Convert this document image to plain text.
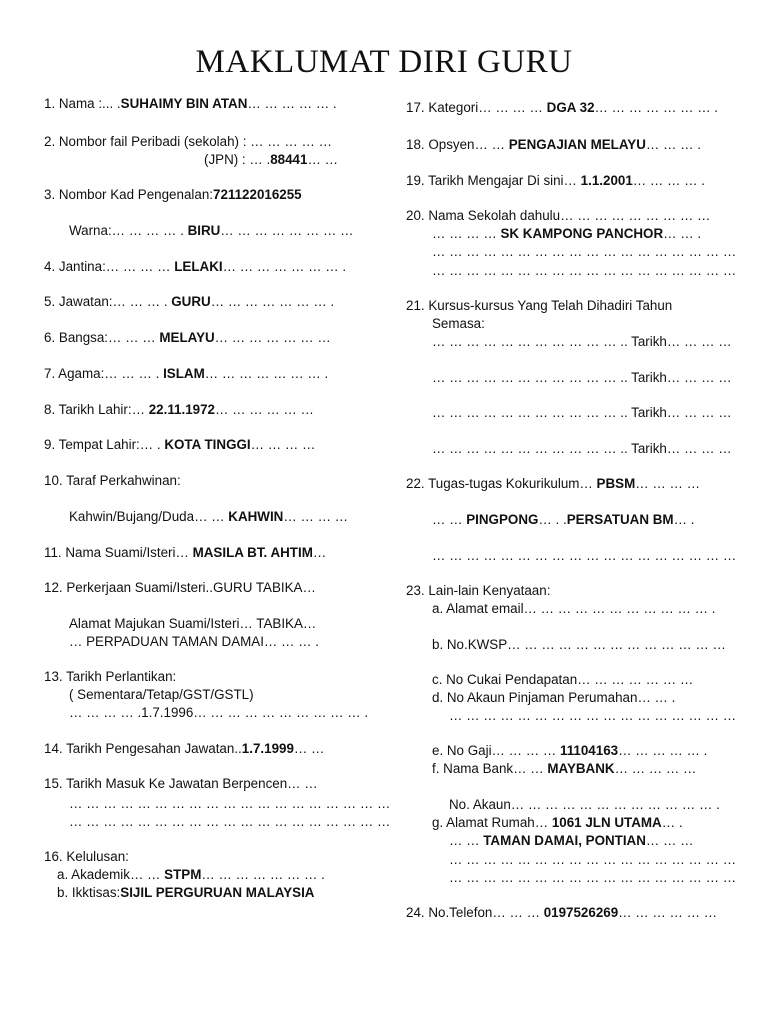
MAKLUMAT DIRI GURU
1. Nama :... .SUHAIMY BIN ATAN… … … … … .
2. Nombor fail Peribadi (sekolah) : … … … … …
(JPN) : … .88441… …
3. Nombor Kad Pengenalan:721122016255
Warna:… … … … . BIRU… … … … … … … …
4. Jantina:… … … … LELAKI… … … … … … … .
5. Jawatan:… … … . GURU… … … … … … … .
6. Bangsa:… … … MELAYU… … … … … … …
7. Agama:… … … . ISLAM… … … … … … … .
8. Tarikh Lahir:… 22.11.1972… … … … … …
9. Tempat Lahir:… . KOTA TINGGI… … … …
10. Taraf Perkahwinan:
Kahwin/Bujang/Duda… … KAHWIN… … … …
11. Nama Suami/Isteri… MASILA BT. AHTIM…
12. Perkerjaan Suami/Isteri..GURU TABIKA…
Alamat Majukan Suami/Isteri… TABIKA…
… PERPADUAN TAMAN DAMAI… … … .
13. Tarikh Perlantikan:
( Sementara/Tetap/GST/GSTL)
… … … … .1.7.1996… … … … … … … … … … .
14. Tarikh Pengesahan Jawatan..1.7.1999… …
15. Tarikh Masuk Ke Jawatan Berpencen… …
… … … … … … … … … … … … … … … … … … …
… … … … … … … … … … … … … … … … … … …
16. Kelulusan:
a. Akademik… … STPM… … … … … … … .
b. Ikktisas:SIJIL PERGURUAN MALAYSIA
17. Kategori… … … … DGA 32… … … … … … … .
18. Opsyen… … PENGAJIAN MELAYU… … … .
19. Tarikh Mengajar Di sini… 1.1.2001… … … … .
20. Nama Sekolah dahulu… … … … … … … … …
… … … … SK KAMPONG PANCHOR… … .
… … … … … … … … … … … … … … … … … …
… … … … … … … … … … … … … … … … … …
21. Kursus-kursus Yang Telah Dihadiri Tahun
Semasa:
… … … … … … … … … … … .. Tarikh… … … …
… … … … … … … … … … … .. Tarikh… … … …
… … … … … … … … … … … .. Tarikh… … … …
… … … … … … … … … … … .. Tarikh… … … …
22. Tugas-tugas Kokurikulum… PBSM… … … …
… … PINGPONG… . .PERSATUAN BM… .
… … … … … … … … … … … … … … … … … …
23. Lain-lain Kenyataan:
a. Alamat email… … … … … … … … … … … .
b. No.KWSP… … … … … … … … … … … … …
c. No Cukai Pendapatan… … … … … … …
d. No Akaun Pinjaman Perumahan… … .
… … … … … … … … … … … … … … … … …
e. No Gaji… … … … 11104163… … … … … .
f. Nama Bank… … MAYBANK… … … … …
No. Akaun… … … … … … … … … … … … .
g. Alamat Rumah… 1061 JLN UTAMA… .
… … TAMAN DAMAI, PONTIAN… … …
… … … … … … … … … … … … … … … … …
… … … … … … … … … … … … … … … … …
24. No.Telefon… … … 0197526269… … … … … …
